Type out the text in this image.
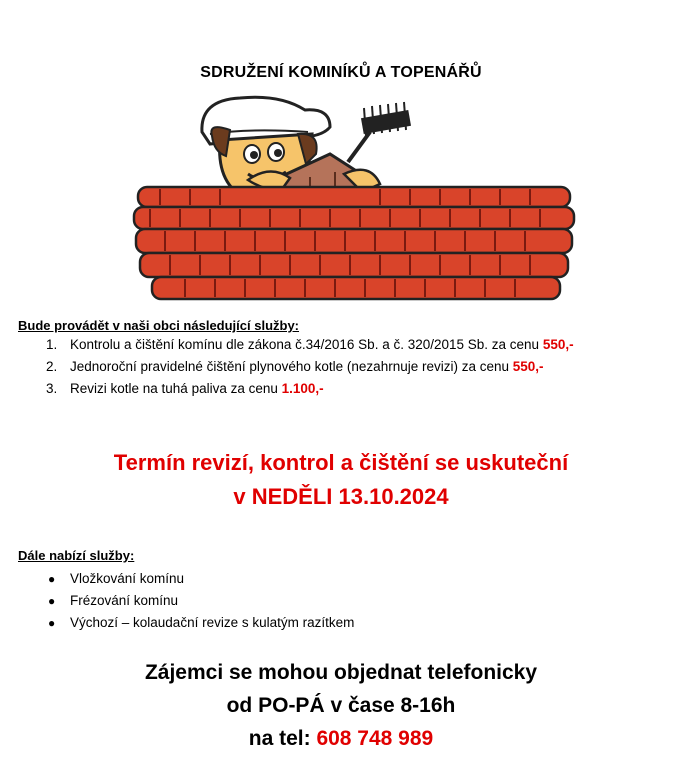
SDRUŽENÍ KOMINÍKŮ A TOPENÁŘŮ
Bude provádět v naši obci následující služby:
1. Kontrolu a čištění komínu dle zákona č.34/2016 Sb. a č. 320/2015 Sb. za cenu 550,-
2. Jednoroční pravidelné čištění plynového kotle (nezahrnuje revizi) za cenu 550,-
3. Revizi kotle na tuhá paliva za cenu 1.100,-
Termín revizí, kontrol a čištění se uskuteční
v NEDĚLI 13.10.2024
Dále nabízí služby:
● Vložkování komínu
● Frézování komínu
● Výchozí – kolaudační revize s kulatým razítkem
Zájemci se mohou objednat telefonicky
od PO-PÁ v čase 8-16h
na tel: 608 748 989
